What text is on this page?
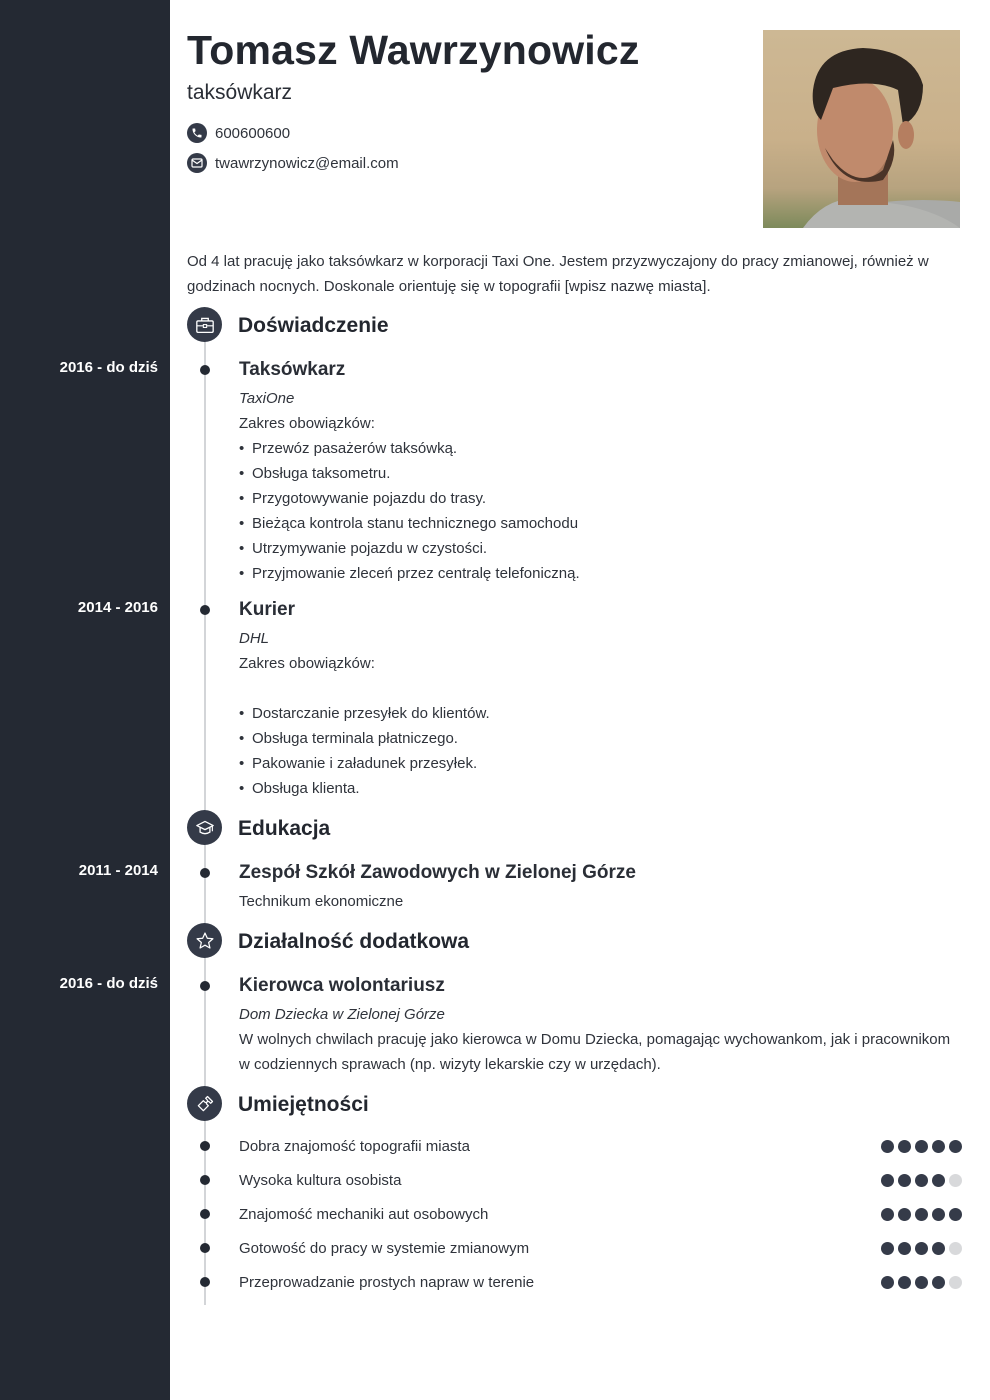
Tomasz Wawrzynowicz
taksówkarz
600600600
twawrzynowicz@email.com
Od 4 lat pracuję jako taksówkarz w korporacji Taxi One. Jestem przyzwyczajony do pracy zmianowej, również w godzinach nocnych. Doskonale orientuję się w topografii [wpisz nazwę miasta].
Doświadczenie
2016 - do dziś	Taksówkarz
TaxiOne
Zakres obowiązków:
• Przewóz pasażerów taksówką.
• Obsługa taksometru.
• Przygotowywanie pojazdu do trasy.
• Bieżąca kontrola stanu technicznego samochodu
• Utrzymywanie pojazdu w czystości.
• Przyjmowanie zleceń przez centralę telefoniczną.
2014 - 2016	Kurier
DHL
Zakres obowiązków:
• Dostarczanie przesyłek do klientów.
• Obsługa terminala płatniczego.
• Pakowanie i załadunek przesyłek.
• Obsługa klienta.
Edukacja
2011 - 2014	Zespół Szkół Zawodowych w Zielonej Górze
Technikum ekonomiczne
Działalność dodatkowa
2016 - do dziś	Kierowca wolontariusz
Dom Dziecka w Zielonej Górze
W wolnych chwilach pracuję jako kierowca w Domu Dziecka, pomagając wychowankom, jak i pracownikom w codziennych sprawach (np. wizyty lekarskie czy w urzędach).
Umiejętności
Dobra znajomość topografii miasta
Wysoka kultura osobista
Znajomość mechaniki aut osobowych
Gotowość do pracy w systemie zmianowym
Przeprowadzanie prostych napraw w terenie
